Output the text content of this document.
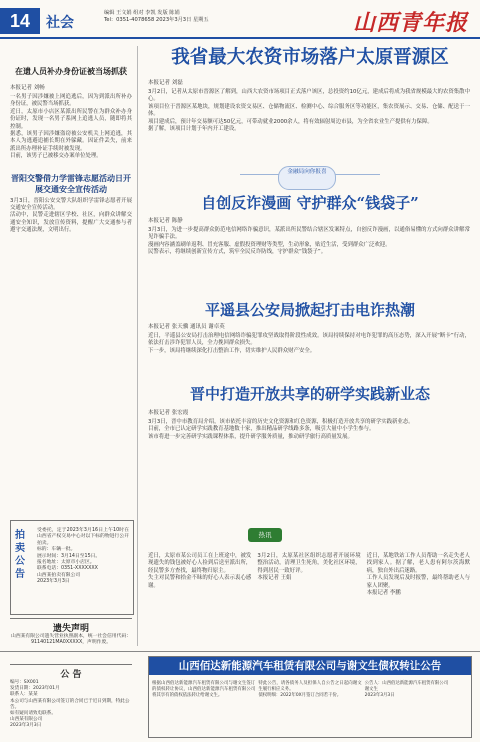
14	社会
编辑 王文娟 组对 李凯 发版 陈娟
Tel：0351-4078658 2023年3月3日 星期五	山西青年报
在遗人员补办身份证被当场抓获
本报记者 刘畅
一名男子因涉嫌被上网追逃后，因为到派出所补办身份证，被民警当场抓获。
近日，太原市小店区某派出所民警在为群众补办身份证时，发现一名男子系网上追逃人员，随即将其控制。
据悉，该男子因涉嫌盗窃被公安机关上网追逃，其本人为逃避追捕长期在外躲藏。因证件丢失，前来派出所办理补证手续时被发现。
目前，该男子已被移交办案单位处理。
晋阳交警借力学雷锋志愿活动日开展交通安全宣传活动
3月3日，晋阳公安交警大队组织学雷锋志愿者开展交通安全宣传活动。
活动中，民警走进辖区学校、社区，向群众讲解交通安全知识，发放宣传资料，提醒广大交通参与者遵守交通法规，文明出行。
拍卖公告
受委托，定于2023年3月16日上午10时在山西省产权交易中心对以下标的物进行公开拍卖。
标的：车辆一批。
展示时间：3月14日至15日。
报名地址：太原市小店区。
联系电话：0351-XXXXXXX
山西某拍卖有限公司
2023年3月3日
遗失声明
山西某有限公司遗失营业执照副本，统一社会信用代码：91140121MA0XXXXX，声明作废。
公 告
编号：SX001
发货日期：2023年01月
联系人：某某
本公司与山西某有限公司签订的合同已于近日到期，特此公告。
如有疑问请致电联系。
山西某有限公司
2023年3月3日
我省最大农资市场落户太原晋源区
本报记者 刘磊
3月2日，记者从太原市晋源区了解到，山西大农资市场项目正式落户该区，总投资约10亿元，建成后将成为我省规模最大的农资集散中心。
该项目位于晋源区某地块，规划建设农资交易区、仓储物流区、检测中心、综合服务区等功能区，集农资展示、交易、仓储、配送于一体。
项目建成后，预计年交易额可达50亿元，可带动就业2000余人，将有效辐射周边市县，为全省农业生产提供有力保障。
据了解，该项目计划于年内开工建设。
金融局向你报喜
自创反诈漫画 守护群众“钱袋子”
本报记者 陈静
3月3日，为进一步提高群众防范电信网络诈骗意识，某派出所民警结合辖区发案特点，自创反诈漫画，以通俗易懂的方式向群众讲解常见诈骗手法。
漫画内容涵盖刷单返利、冒充客服、虚假投资理财等类型，生动形象，贴近生活，受到群众广泛欢迎。
民警表示，将继续创新宣传方式，筑牢全民反诈防线，守护群众“钱袋子”。
平遥县公安局掀起打击电诈热潮
本报记者 张天骥 通讯员 谢卓英
近日，平遥县公安局打击治理电信网络诈骗犯罪攻坚战取得阶段性成效。该局持续保持对电诈犯罪的高压态势，深入开展“断卡”行动，依法打击涉诈犯罪人员，全力挽回群众损失。
下一步，该局将继续深化打击整治工作，切实维护人民群众财产安全。
晋中打造开放共享的研学实践新业态
本报记者 张宏霞
3月3日，晋中市教育局介绍，该市依托丰富的历史文化资源和红色资源，积极打造开放共享的研学实践新业态。
目前，全市已认定研学实践教育基地数十家，推出精品研学线路多条，吸引大量中小学生参与。
该市将进一步完善研学实践课程体系，提升研学服务质量，推动研学旅行高质量发展。
热讯
近日，太原市某公司员工在上班途中，被发现遗失的钱包被好心人捡到后送至派出所，经民警多方查找，最终物归原主。
失主对民警和拾金不昧的好心人表示衷心感谢。
3月2日，太原某社区组织志愿者开展环境整治活动，清理卫生死角，美化社区环境，得到居民一致好评。
本报记者 王娟
近日，某地铁站工作人员帮助一名走失老人找到家人。据了解，老人患有阿尔茨海默病，独自外出后迷路。
工作人员发现后及时报警，最终帮助老人与家人团聚。
本报记者 李鹏
山西佰达新能源汽车租赁有限公司与谢文生债权转让公告
根据山西佰达新能源汽车租赁有限公司与谢文生签订的债权转让协议，山西佰达新能源汽车租赁有限公司将其享有的债权依法转让给谢文生。
特此公告，请各债务人及担保人自公告之日起向谢文生履行相应义务。
债权明细：2022年0X月签订合同若干份。
公告人：山西佰达新能源汽车租赁有限公司
谢文生
2023年3月3日
